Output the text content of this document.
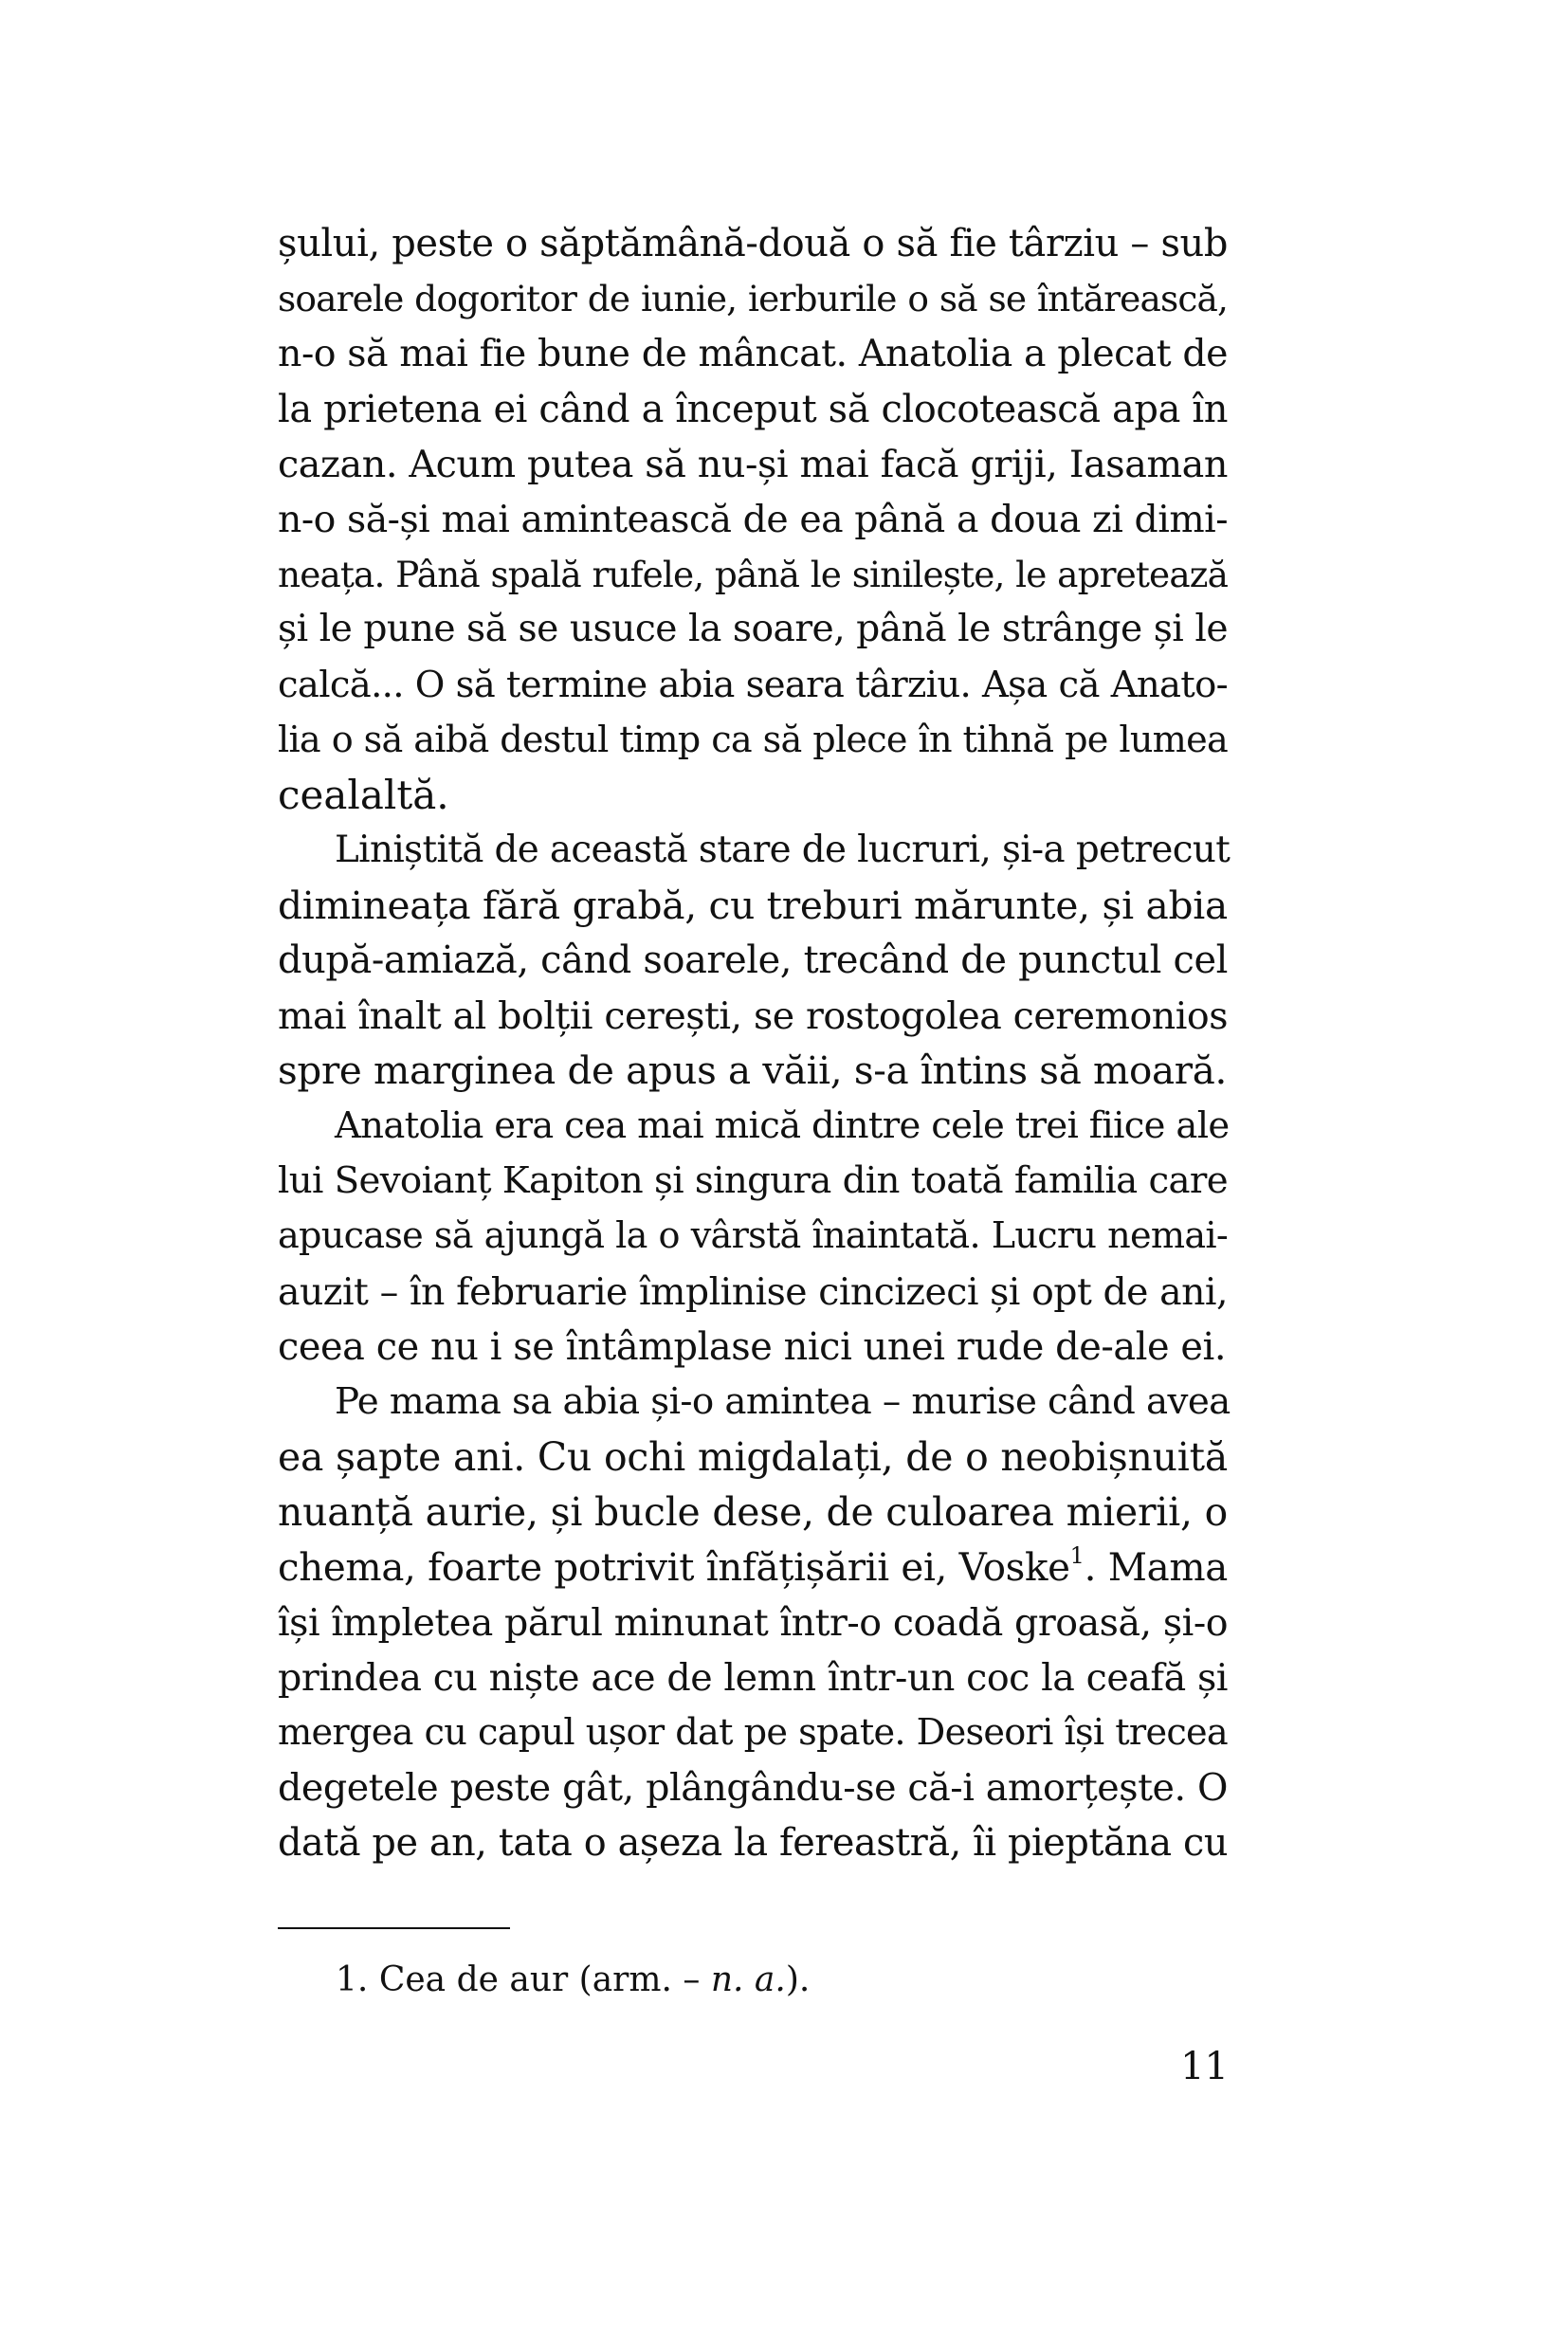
șului, peste o săptămână-două o să fie târziu – sub
soarele dogoritor de iunie, ierburile o să se întărească,
n-o să mai fie bune de mâncat. Anatolia a plecat de
la prietena ei când a început să clocotească apa în
cazan. Acum putea să nu-și mai facă griji, Iasaman
n-o să-și mai amintească de ea până a doua zi dimi-
neața. Până spală rufele, până le sinilește, le apretează
și le pune să se usuce la soare, până le strânge și le
calcă... O să termine abia seara târziu. Așa că Anato-
lia o să aibă destul timp ca să plece în tihnă pe lumea
cealaltă.
Liniștită de această stare de lucruri, și-a petrecut
dimineața fără grabă, cu treburi mărunte, și abia
după-amiază, când soarele, trecând de punctul cel
mai înalt al bolții cerești, se rostogolea ceremonios
spre marginea de apus a văii, s-a întins să moară.
Anatolia era cea mai mică dintre cele trei fiice ale
lui Sevoianț Kapiton și singura din toată familia care
apucase să ajungă la o vârstă înaintată. Lucru nemai-
auzit – în februarie împlinise cincizeci și opt de ani,
ceea ce nu i se întâmplase nici unei rude de-ale ei.
Pe mama sa abia și-o amintea – murise când avea
ea șapte ani. Cu ochi migdalați, de o neobișnuită
nuanță aurie, și bucle dese, de culoarea mierii, o
chema, foarte potrivit înfățișării ei, Voske$^1$. Mama
își împletea părul minunat într-o coadă groasă, și-o
prindea cu niște ace de lemn într-un coc la ceafă și
mergea cu capul ușor dat pe spate. Deseori își trecea
degetele peste gât, plângându-se că-i amorțește. O
dată pe an, tata o așeza la fereastră, îi pieptăna cu
1. Cea de aur (arm. – n. a.).
11
